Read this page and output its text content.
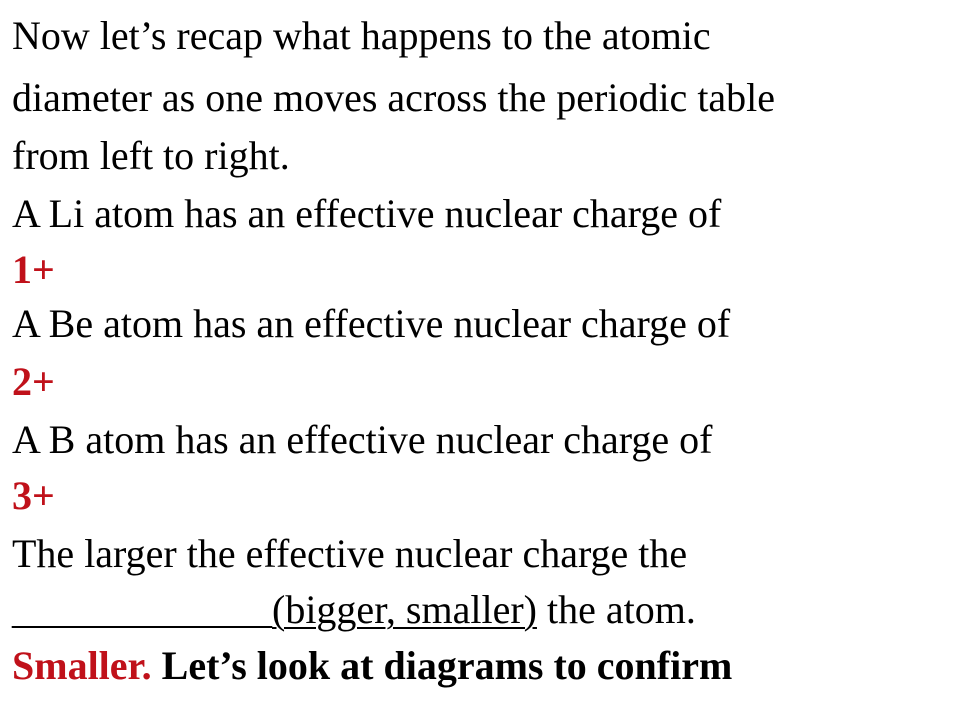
Now let’s recap what happens to the atomic
diameter as one moves across the periodic table
from left to right.
A Li atom has an effective nuclear charge of
1+
A Be atom has an effective nuclear charge of
2+
A B atom has an effective nuclear charge of
3+
The larger the effective nuclear charge the
_____________(bigger, smaller) the atom.
Smaller. Let’s look at diagrams to confirm
